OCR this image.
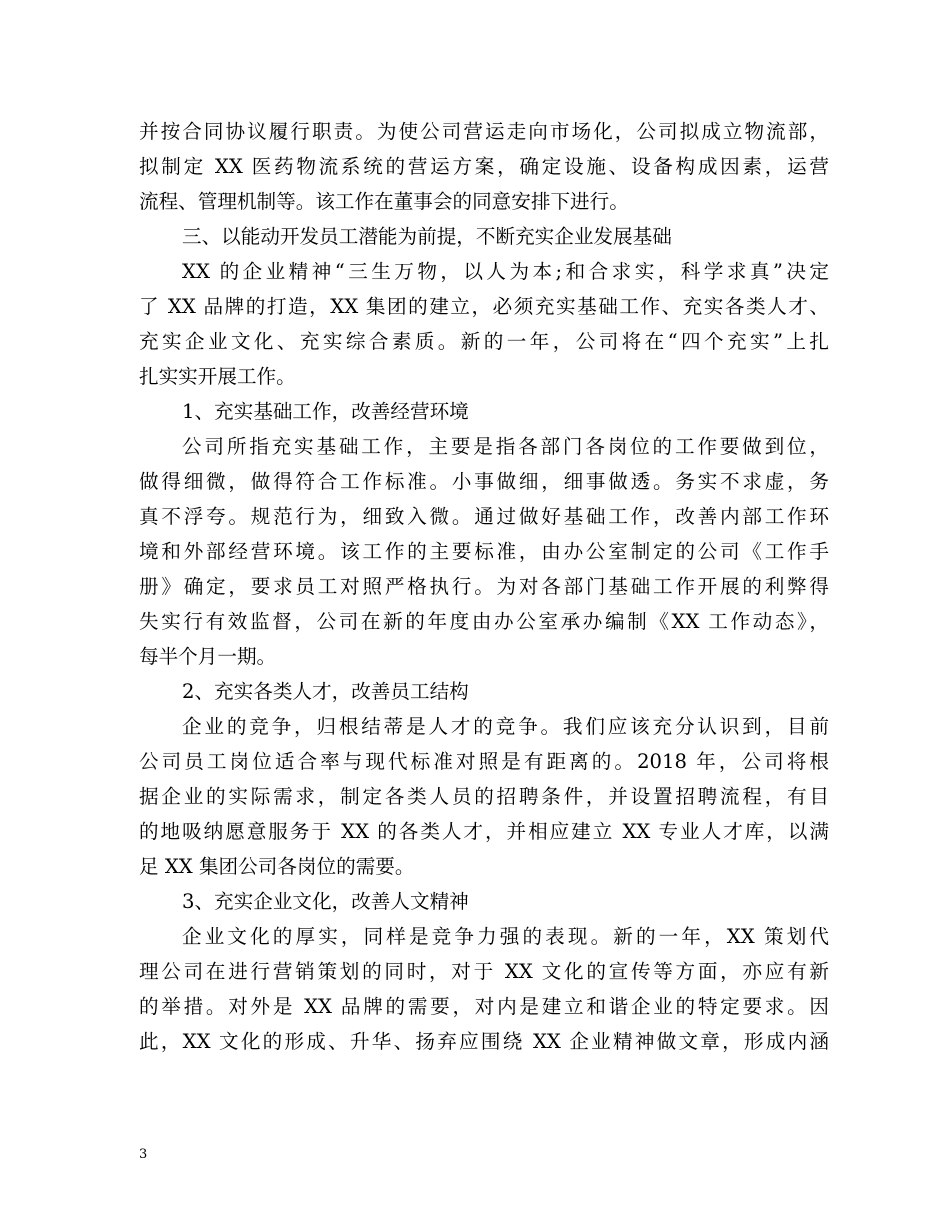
并按合同协议履行职责。为使公司营运走向市场化，公司拟成立物流部，

拟制定 XX 医药物流系统的营运方案，确定设施、设备构成因素，运营

流程、管理机制等。该工作在董事会的同意安排下进行。

三、以能动开发员工潜能为前提，不断充实企业发展基础

XX 的企业精神“三生万物，以人为本;和合求实，科学求真”决定

了 XX 品牌的打造，XX 集团的建立，必须充实基础工作、充实各类人才、

充实企业文化、充实综合素质。新的一年，公司将在“四个充实”上扎

扎实实开展工作。

1、充实基础工作，改善经营环境

公司所指充实基础工作，主要是指各部门各岗位的工作要做到位，

做得细微，做得符合工作标准。小事做细，细事做透。务实不求虚，务

真不浮夸。规范行为，细致入微。通过做好基础工作，改善内部工作环

境和外部经营环境。该工作的主要标准，由办公室制定的公司《工作手

册》确定，要求员工对照严格执行。为对各部门基础工作开展的利弊得

失实行有效监督，公司在新的年度由办公室承办编制《XX 工作动态》，

每半个月一期。

2、充实各类人才，改善员工结构

企业的竞争，归根结蒂是人才的竞争。我们应该充分认识到，目前

公司员工岗位适合率与现代标准对照是有距离的。2018 年，公司将根

据企业的实际需求，制定各类人员的招聘条件，并设置招聘流程，有目

的地吸纳愿意服务于 XX 的各类人才，并相应建立 XX 专业人才库，以满

足 XX 集团公司各岗位的需要。

3、充实企业文化，改善人文精神

企业文化的厚实，同样是竞争力强的表现。新的一年，XX 策划代

理公司在进行营销策划的同时，对于 XX 文化的宣传等方面，亦应有新

的举措。对外是 XX 品牌的需要，对内是建立和谐企业的特定要求。因

此，XX 文化的形成、升华、扬弃应围绕 XX 企业精神做文章，形成内涵

3
